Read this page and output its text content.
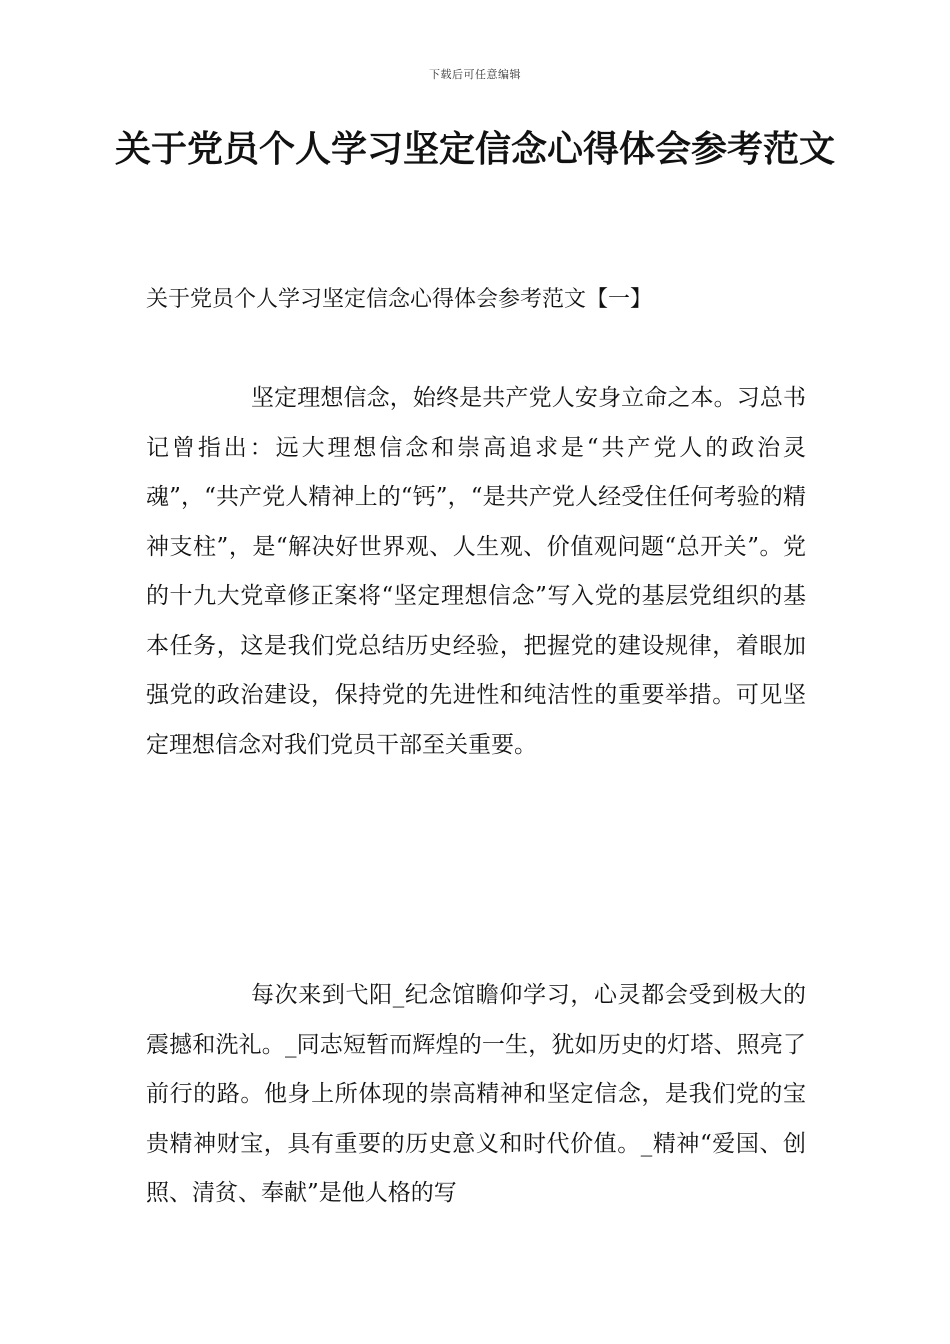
下载后可任意编辑
关于党员个人学习坚定信念心得体会参考范文

关于党员个人学习坚定信念心得体会参考范文【一】

坚定理想信念，始终是共产党人安身立命之本。习总书记曾指出：远大理想信念和崇高追求是“共产党人的政治灵魂”，“共产党人精神上的“钙”，“是共产党人经受住任何考验的精神支柱”，是“解决好世界观、人生观、价值观问题“总开关”。党的十九大党章修正案将“坚定理想信念”写入党的基层党组织的基本任务，这是我们党总结历史经验，把握党的建设规律，着眼加强党的政治建设，保持党的先进性和纯洁性的重要举措。可见坚定理想信念对我们党员干部至关重要。

每次来到弋阳_纪念馆瞻仰学习，心灵都会受到极大的震撼和洗礼。_同志短暂而辉煌的一生，犹如历史的灯塔、照亮了前行的路。他身上所体现的崇高精神和坚定信念，是我们党的宝贵精神财宝，具有重要的历史意义和时代价值。_精神“爱国、创照、清贫、奉献”是他人格的写
